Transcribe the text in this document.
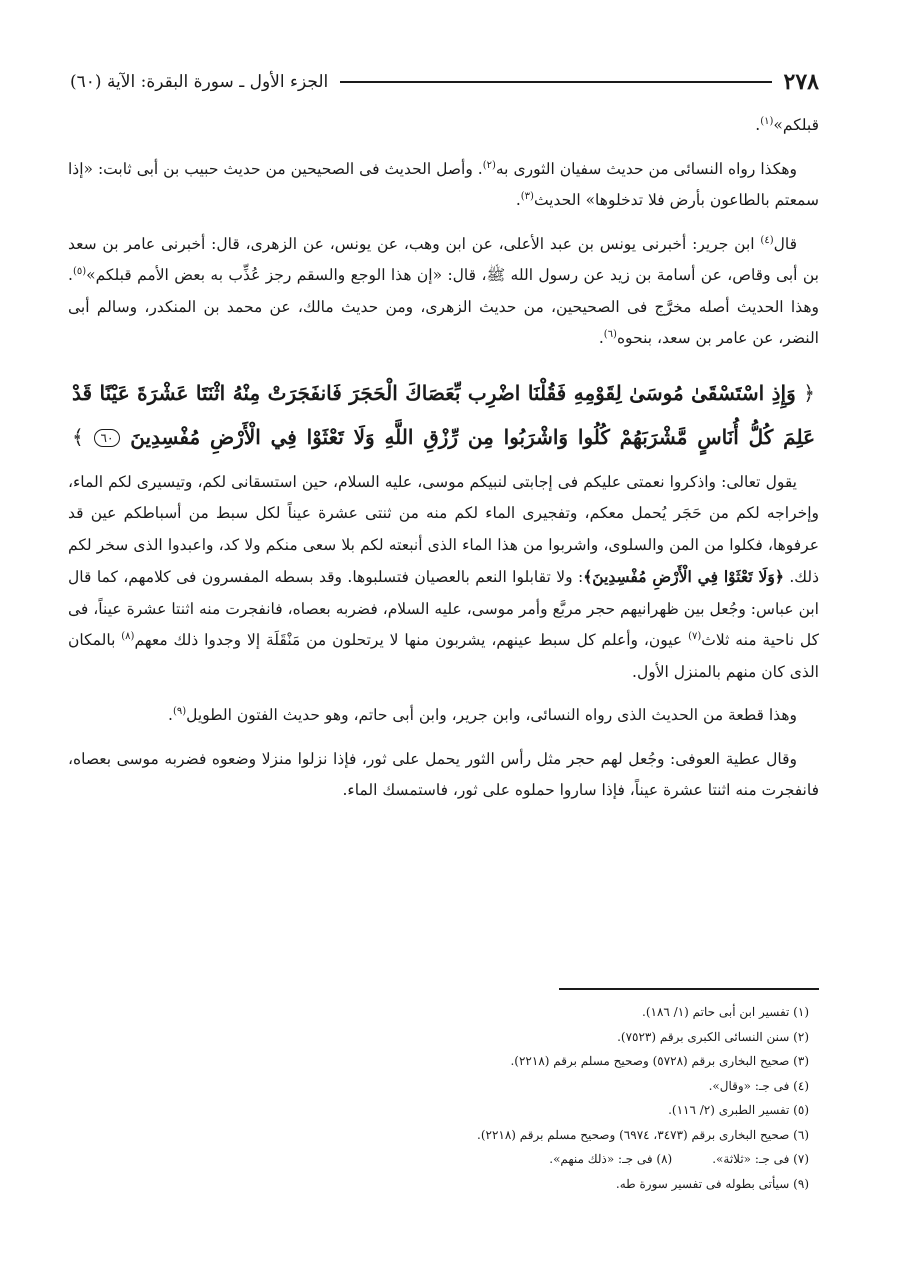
٢٧٨
الجزء الأول ـ سورة البقرة: الآية (٦٠)

قبلكم»$^{(١)}$.

وهكذا رواه النسائى من حديث سفيان الثورى به$^{(٢)}$. وأصل الحديث فى الصحيحين من حديث حبيب بن أبى ثابت: «إذا سمعتم بالطاعون بأرض فلا تدخلوها» الحديث$^{(٣)}$.

قال$^{(٤)}$ ابن جرير: أخبرنى يونس بن عبد الأعلى، عن ابن وهب، عن يونس، عن الزهرى، قال: أخبرنى عامر بن سعد بن أبى وقاص، عن أسامة بن زيد عن رسول الله ﷺ، قال: «إن هذا الوجع والسقم رجز عُذِّب به بعض الأمم قبلكم»$^{(٥)}$. وهذا الحديث أصله مخرَّج فى الصحيحين، من حديث الزهرى، ومن حديث مالك، عن محمد بن المنكدر، وسالم أبى النضر، عن عامر بن سعد، بنحوه$^{(٦)}$.

﴿ وَإِذِ اسْتَسْقَىٰ مُوسَىٰ لِقَوْمِهِ فَقُلْنَا اضْرِب بِّعَصَاكَ الْحَجَرَ فَانفَجَرَتْ مِنْهُ اثْنَتَا عَشْرَةَ عَيْنًا قَدْ عَلِمَ كُلُّ أُنَاسٍ مَّشْرَبَهُمْ كُلُوا وَاشْرَبُوا مِن رِّزْقِ اللَّهِ وَلَا تَعْثَوْا فِي الْأَرْضِ مُفْسِدِينَ ٦٠ ﴾

يقول تعالى: واذكروا نعمتى عليكم فى إجابتى لنبيكم موسى، عليه السلام، حين استسقانى لكم، وتيسيرى لكم الماء، وإخراجه لكم من حَجَر يُحمل معكم، وتفجيرى الماء لكم منه من ثنتى عشرة عيناً لكل سبط من أسباطكم عين قد عرفوها، فكلوا من المن والسلوى، واشربوا من هذا الماء الذى أنبعته لكم بلا سعى منكم ولا كد، واعبدوا الذى سخر لكم ذلك. ﴿وَلَا تَعْثَوْا فِي الْأَرْضِ مُفْسِدِينَ﴾: ولا تقابلوا النعم بالعصيان فتسلبوها. وقد بسطه المفسرون فى كلامهم، كما قال ابن عباس: وجُعل بين ظهرانيهم حجر مربَّع وأمر موسى، عليه السلام، فضربه بعصاه، فانفجرت منه اثنتا عشرة عيناً، فى كل ناحية منه ثلاث$^{(٧)}$ عيون، وأعلم كل سبط عينهم، يشربون منها لا يرتحلون من مَنْقَلَة إلا وجدوا ذلك معهم$^{(٨)}$ بالمكان الذى كان منهم بالمنزل الأول.

وهذا قطعة من الحديث الذى رواه النسائى، وابن جرير، وابن أبى حاتم، وهو حديث الفتون الطويل$^{(٩)}$.

وقال عطية العوفى: وجُعل لهم حجر مثل رأس الثور يحمل على ثور، فإذا نزلوا منزلا وضعوه فضربه موسى بعصاه، فانفجرت منه اثنتا عشرة عيناً، فإذا ساروا حملوه على ثور، فاستمسك الماء.

(١) تفسير ابن أبى حاتم (١/ ١٨٦).
(٢) سنن النسائى الكبرى برقم (٧٥٢٣).
(٣) صحيح البخارى برقم (٥٧٢٨) وصحيح مسلم برقم (٢٢١٨).
(٤) فى جـ: «وقال».
(٥) تفسير الطبرى (٢/ ١١٦).
(٦) صحيح البخارى برقم (٣٤٧٣، ٦٩٧٤) وصحيح مسلم برقم (٢٢١٨).
(٧) فى جـ: «ثلاثة».
(٨) فى جـ: «ذلك منهم».
(٩) سيأتى بطوله فى تفسير سورة طه.
